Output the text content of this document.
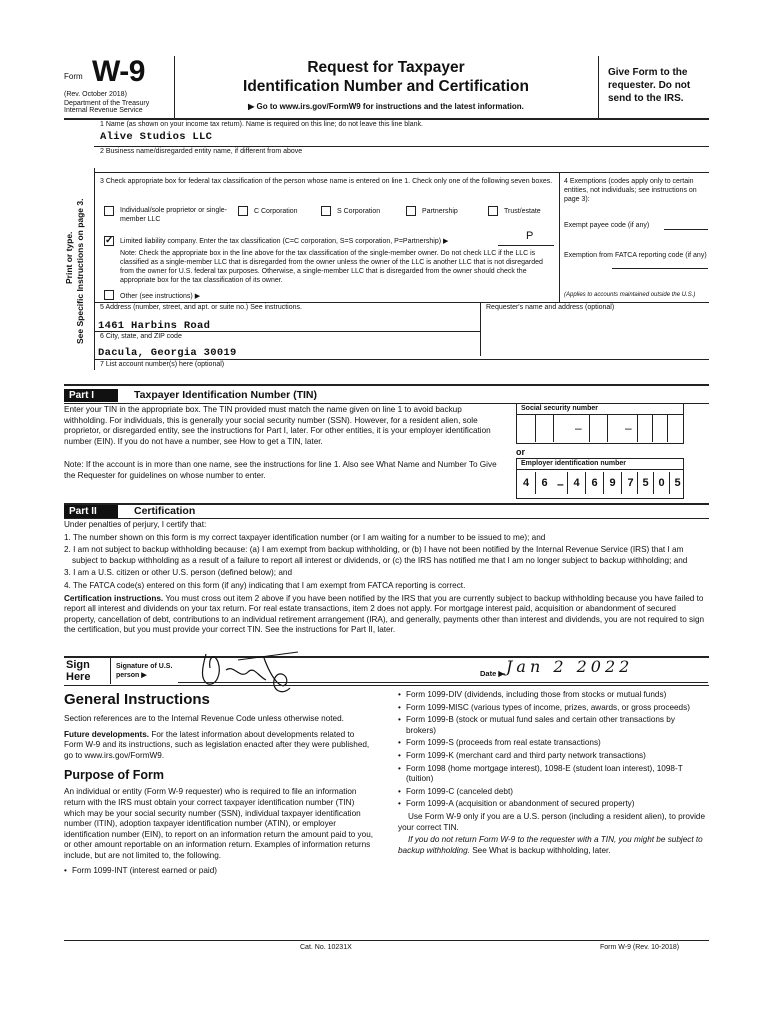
Form W-9
(Rev. October 2018)
Department of the Treasury
Internal Revenue Service
Request for Taxpayer
Identification Number and Certification
▶ Go to www.irs.gov/FormW9 for instructions and the latest information.
Give Form to the requester. Do not send to the IRS.
Print or type. See Specific Instructions on page 3.
1 Name (as shown on your income tax return). Name is required on this line; do not leave this line blank.
Alive Studios LLC
2 Business name/disregarded entity name, if different from above
3 Check appropriate box for federal tax classification of the person whose name is entered on line 1. Check only one of the following seven boxes.
Individual/sole proprietor or single-member LLC
C Corporation	S Corporation	Partnership	Trust/estate
✓ Limited liability company. Enter the tax classification (C=C corporation, S=S corporation, P=Partnership) ▶	P
Note: Check the appropriate box in the line above for the tax classification of the single-member owner. Do not check LLC if the LLC is classified as a single-member LLC that is disregarded from the owner unless the owner of the LLC is another LLC that is not disregarded from the owner for U.S. federal tax purposes. Otherwise, a single-member LLC that is disregarded from the owner should check the appropriate box for the tax classification of its owner.
Other (see instructions) ▶
4 Exemptions (codes apply only to certain entities, not individuals; see instructions on page 3):
Exempt payee code (if any)
Exemption from FATCA reporting code (if any)
(Applies to accounts maintained outside the U.S.)
5 Address (number, street, and apt. or suite no.) See instructions.
1461 Harbins Road
Requester's name and address (optional)
6 City, state, and ZIP code
Dacula, Georgia 30019
7 List account number(s) here (optional)
Part I	Taxpayer Identification Number (TIN)
Enter your TIN in the appropriate box. The TIN provided must match the name given on line 1 to avoid backup withholding. For individuals, this is generally your social security number (SSN). However, for a resident alien, sole proprietor, or disregarded entity, see the instructions for Part I, later. For other entities, it is your employer identification number (EIN). If you do not have a number, see How to get a TIN, later.
Note: If the account is in more than one name, see the instructions for line 1. Also see What Name and Number To Give the Requester for guidelines on whose number to enter.
Social security number
–	–
or
Employer identification number
4	6 – 4	6	9	7 5 0 5
Part II	Certification

Under penalties of perjury, I certify that:

1. The number shown on this form is my correct taxpayer identification number (or I am waiting for a number to be issued to me); and

2. I am not subject to backup withholding because: (a) I am exempt from backup withholding, or (b) I have not been notified by the Internal Revenue Service (IRS) that I am subject to backup withholding as a result of a failure to report all interest or dividends, or (c) the IRS has notified me that I am no longer subject to backup withholding; and

3. I am a U.S. citizen or other U.S. person (defined below); and

4. The FATCA code(s) entered on this form (if any) indicating that I am exempt from FATCA reporting is correct.

Certification instructions. You must cross out item 2 above if you have been notified by the IRS that you are currently subject to backup withholding because you have failed to report all interest and dividends on your tax return. For real estate transactions, item 2 does not apply. For mortgage interest paid, acquisition or abandonment of secured property, cancellation of debt, contributions to an individual retirement arrangement (IRA), and generally, payments other than interest and dividends, you are not required to sign the certification, but you must provide your correct TIN. See the instructions for Part II, later.

Sign Here
Signature of U.S. person ▶	Date ▶ Jan 2 2022
General Instructions

Section references are to the Internal Revenue Code unless otherwise noted.

Future developments. For the latest information about developments related to Form W-9 and its instructions, such as legislation enacted after they were published, go to www.irs.gov/FormW9.

Purpose of Form

An individual or entity (Form W-9 requester) who is required to file an information return with the IRS must obtain your correct taxpayer identification number (TIN) which may be your social security number (SSN), individual taxpayer identification number (ITIN), adoption taxpayer identification number (ATIN), or employer identification number (EIN), to report on an information return the amount paid to you, or other amount reportable on an information return. Examples of information returns include, but are not limited to, the following.

• Form 1099-INT (interest earned or paid)

• Form 1099-DIV (dividends, including those from stocks or mutual funds)

• Form 1099-MISC (various types of income, prizes, awards, or gross proceeds)

• Form 1099-B (stock or mutual fund sales and certain other transactions by brokers)

• Form 1099-S (proceeds from real estate transactions)

• Form 1099-K (merchant card and third party network transactions)

• Form 1098 (home mortgage interest), 1098-E (student loan interest), 1098-T (tuition)

• Form 1099-C (canceled debt)

• Form 1099-A (acquisition or abandonment of secured property)

Use Form W-9 only if you are a U.S. person (including a resident alien), to provide your correct TIN.

If you do not return Form W-9 to the requester with a TIN, you might be subject to backup withholding. See What is backup withholding, later.

Cat. No. 10231X	Form W-9 (Rev. 10-2018)
